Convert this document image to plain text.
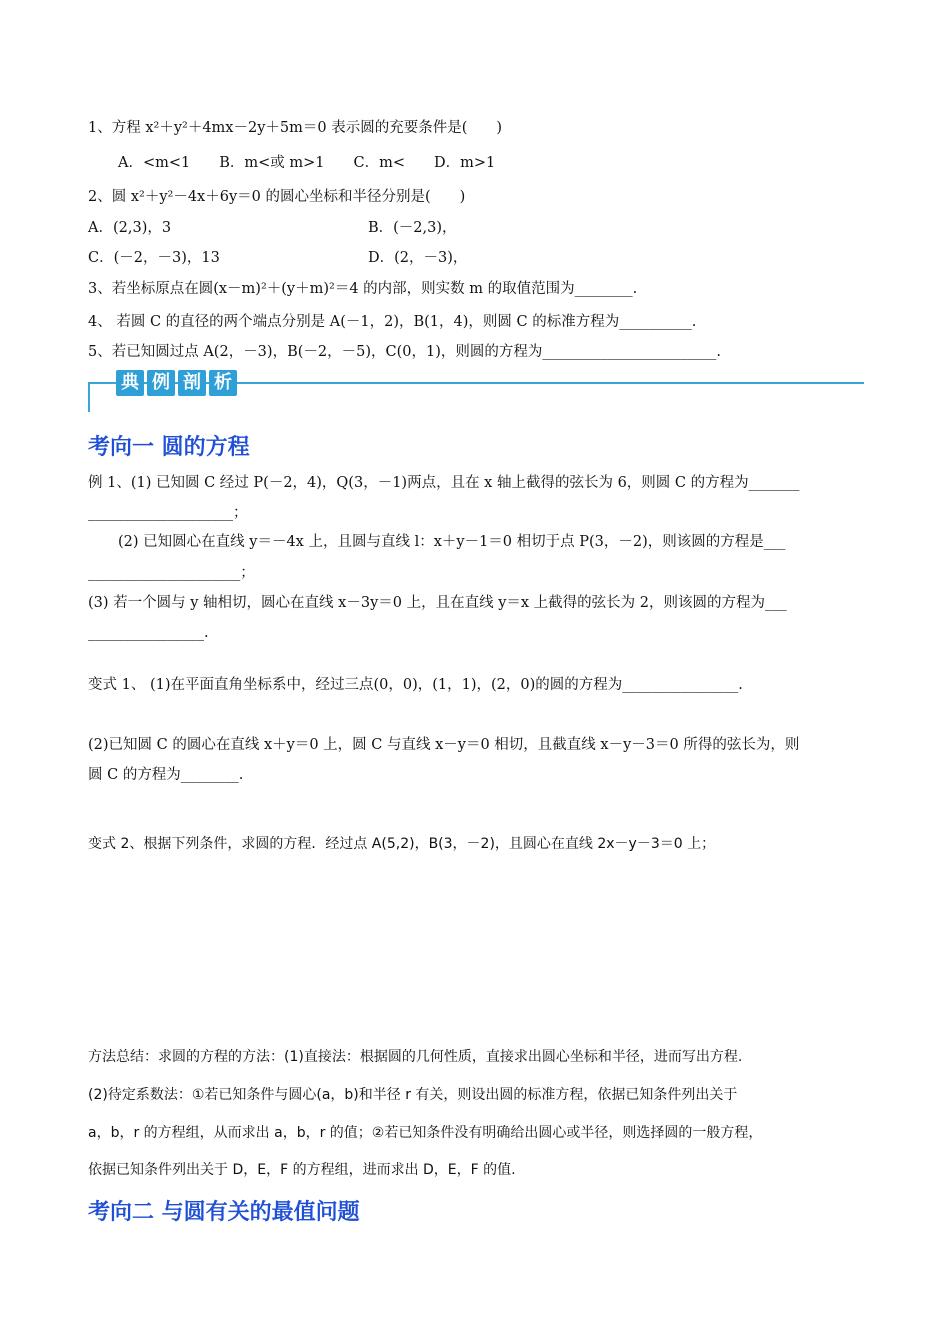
1、方程 x²＋y²＋4mx－2y＋5m＝0 表示圆的充要条件是(　　)
A．<m<1　　B．m<或 m>1　　C．m<　　D．m>1
2、圆 x²＋y²－4x＋6y＝0 的圆心坐标和半径分别是(　　)
A．(2,3)，3	B．(－2,3)，
C．(－2，－3)，13	D．(2，－3)，
3、若坐标原点在圆(x－m)²＋(y＋m)²＝4 的内部，则实数 m 的取值范围为________.
4、 若圆 C 的直径的两个端点分别是 A(－1，2)，B(1，4)，则圆 C 的标准方程为__________.
5、若已知圆过点 A(2，－3)，B(－2，－5)，C(0，1)，则圆的方程为________________________.
典 例 剖 析
考向一 圆的方程
例 1、(1) 已知圆 C 经过 P(－2，4)，Q(3，－1)两点，且在 x 轴上截得的弦长为 6，则圆 C 的方程为_______
____________________；
(2) 已知圆心在直线 y＝－4x 上，且圆与直线 l：x＋y－1＝0 相切于点 P(3，－2)，则该圆的方程是___
_____________________；
(3) 若一个圆与 y 轴相切，圆心在直线 x－3y＝0 上，且在直线 y＝x 上截得的弦长为 2，则该圆的方程为___
________________.
变式 1、 (1)在平面直角坐标系中，经过三点(0，0)，(1，1)，(2，0)的圆的方程为________________.
(2)已知圆 C 的圆心在直线 x＋y＝0 上，圆 C 与直线 x－y＝0 相切，且截直线 x－y－3＝0 所得的弦长为，则
圆 C 的方程为________.
变式 2、根据下列条件，求圆的方程．经过点 A(5,2)，B(3，－2)，且圆心在直线 2x－y－3＝0 上；
方法总结：求圆的方程的方法：(1)直接法：根据圆的几何性质，直接求出圆心坐标和半径，进而写出方程.
(2)待定系数法：①若已知条件与圆心(a，b)和半径 r 有关，则设出圆的标准方程，依据已知条件列出关于
a，b，r 的方程组，从而求出 a，b，r 的值；②若已知条件没有明确给出圆心或半径，则选择圆的一般方程，
依据已知条件列出关于 D，E，F 的方程组，进而求出 D，E，F 的值.
考向二 与圆有关的最值问题
